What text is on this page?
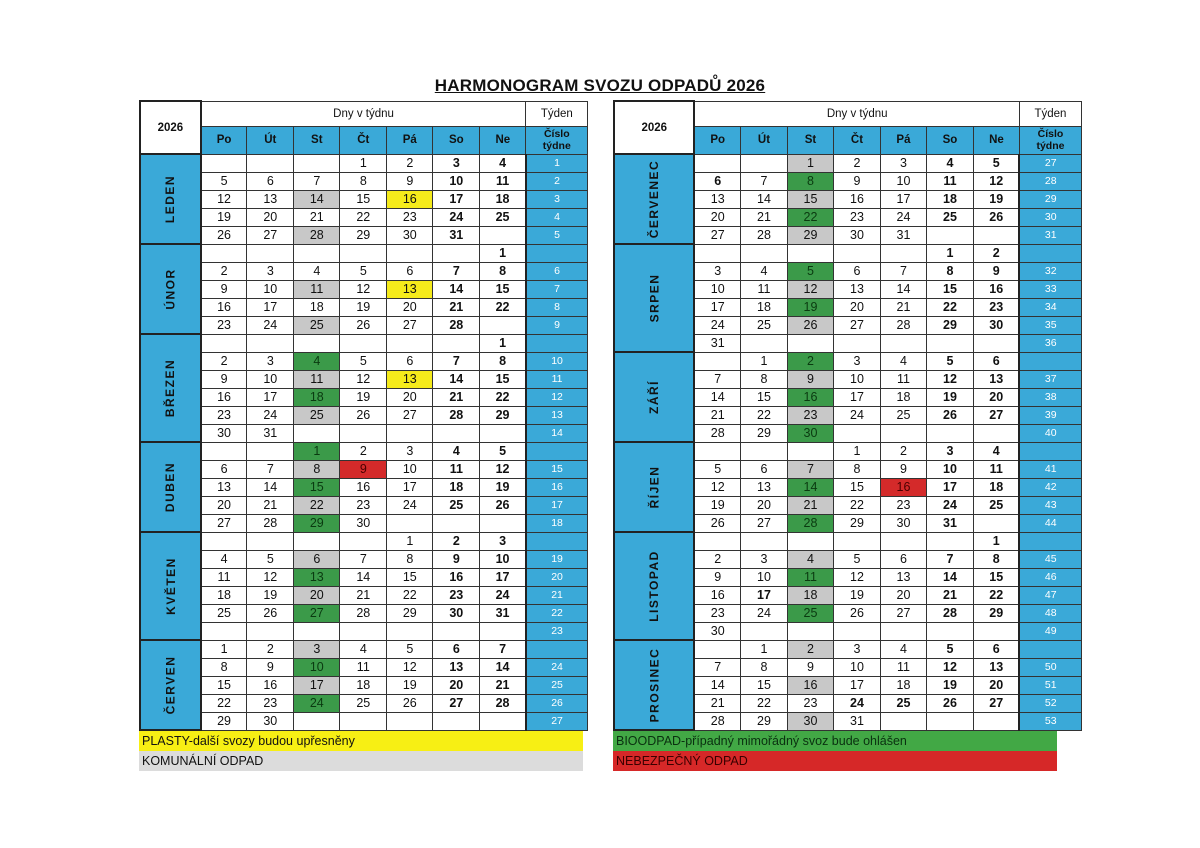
HARMONOGRAM SVOZU ODPADŮ 2026
2026	Dny v týdnu							Týden
	Po	Út	St	Čt	Pá	So	Ne	Číslo
týdne
LEDEN				1	2	3	4	1
	5	6	7	8	9	10	11	2
	12	13	14	15	16	17	18	3
	19	20	21	22	23	24	25	4
	26	27	28	29	30	31		5
ÚNOR							1	
	2	3	4	5	6	7	8	6
	9	10	11	12	13	14	15	7
	16	17	18	19	20	21	22	8
	23	24	25	26	27	28		9
BŘEZEN							1	
	2	3	4	5	6	7	8	10
	9	10	11	12	13	14	15	11
	16	17	18	19	20	21	22	12
	23	24	25	26	27	28	29	13
	30	31						14
DUBEN			1	2	3	4	5	
	6	7	8	9	10	11	12	15
	13	14	15	16	17	18	19	16
	20	21	22	23	24	25	26	17
	27	28	29	30				18
KVĚTEN					1	2	3	
	4	5	6	7	8	9	10	19
	11	12	13	14	15	16	17	20
	18	19	20	21	22	23	24	21
	25	26	27	28	29	30	31	22
								23
ČERVEN	1	2	3	4	5	6	7	
	8	9	10	11	12	13	14	24
	15	16	17	18	19	20	21	25
	22	23	24	25	26	27	28	26
	29	30						27
2026	Dny v týdnu							Týden
	Po	Út	St	Čt	Pá	So	Ne	Číslo
týdne
ČERVENEC			1	2	3	4	5	27
	6	7	8	9	10	11	12	28
	13	14	15	16	17	18	19	29
	20	21	22	23	24	25	26	30
	27	28	29	30	31			31
SRPEN						1	2	
	3	4	5	6	7	8	9	32
	10	11	12	13	14	15	16	33
	17	18	19	20	21	22	23	34
	24	25	26	27	28	29	30	35
	31							36
ZÁŘÍ		1	2	3	4	5	6	
	7	8	9	10	11	12	13	37
	14	15	16	17	18	19	20	38
	21	22	23	24	25	26	27	39
	28	29	30					40
ŘÍJEN				1	2	3	4	
	5	6	7	8	9	10	11	41
	12	13	14	15	16	17	18	42
	19	20	21	22	23	24	25	43
	26	27	28	29	30	31		44
LISTOPAD							1	
	2	3	4	5	6	7	8	45
	9	10	11	12	13	14	15	46
	16	17	18	19	20	21	22	47
	23	24	25	26	27	28	29	48
	30							49
PROSINEC		1	2	3	4	5	6	
	7	8	9	10	11	12	13	50
	14	15	16	17	18	19	20	51
	21	22	23	24	25	26	27	52
	28	29	30	31				53
PLASTY-další svozy budou upřesněny
KOMUNÁLNÍ ODPAD
BIOODPAD-případný mimořádný svoz bude ohlášen
NEBEZPEČNÝ ODPAD
